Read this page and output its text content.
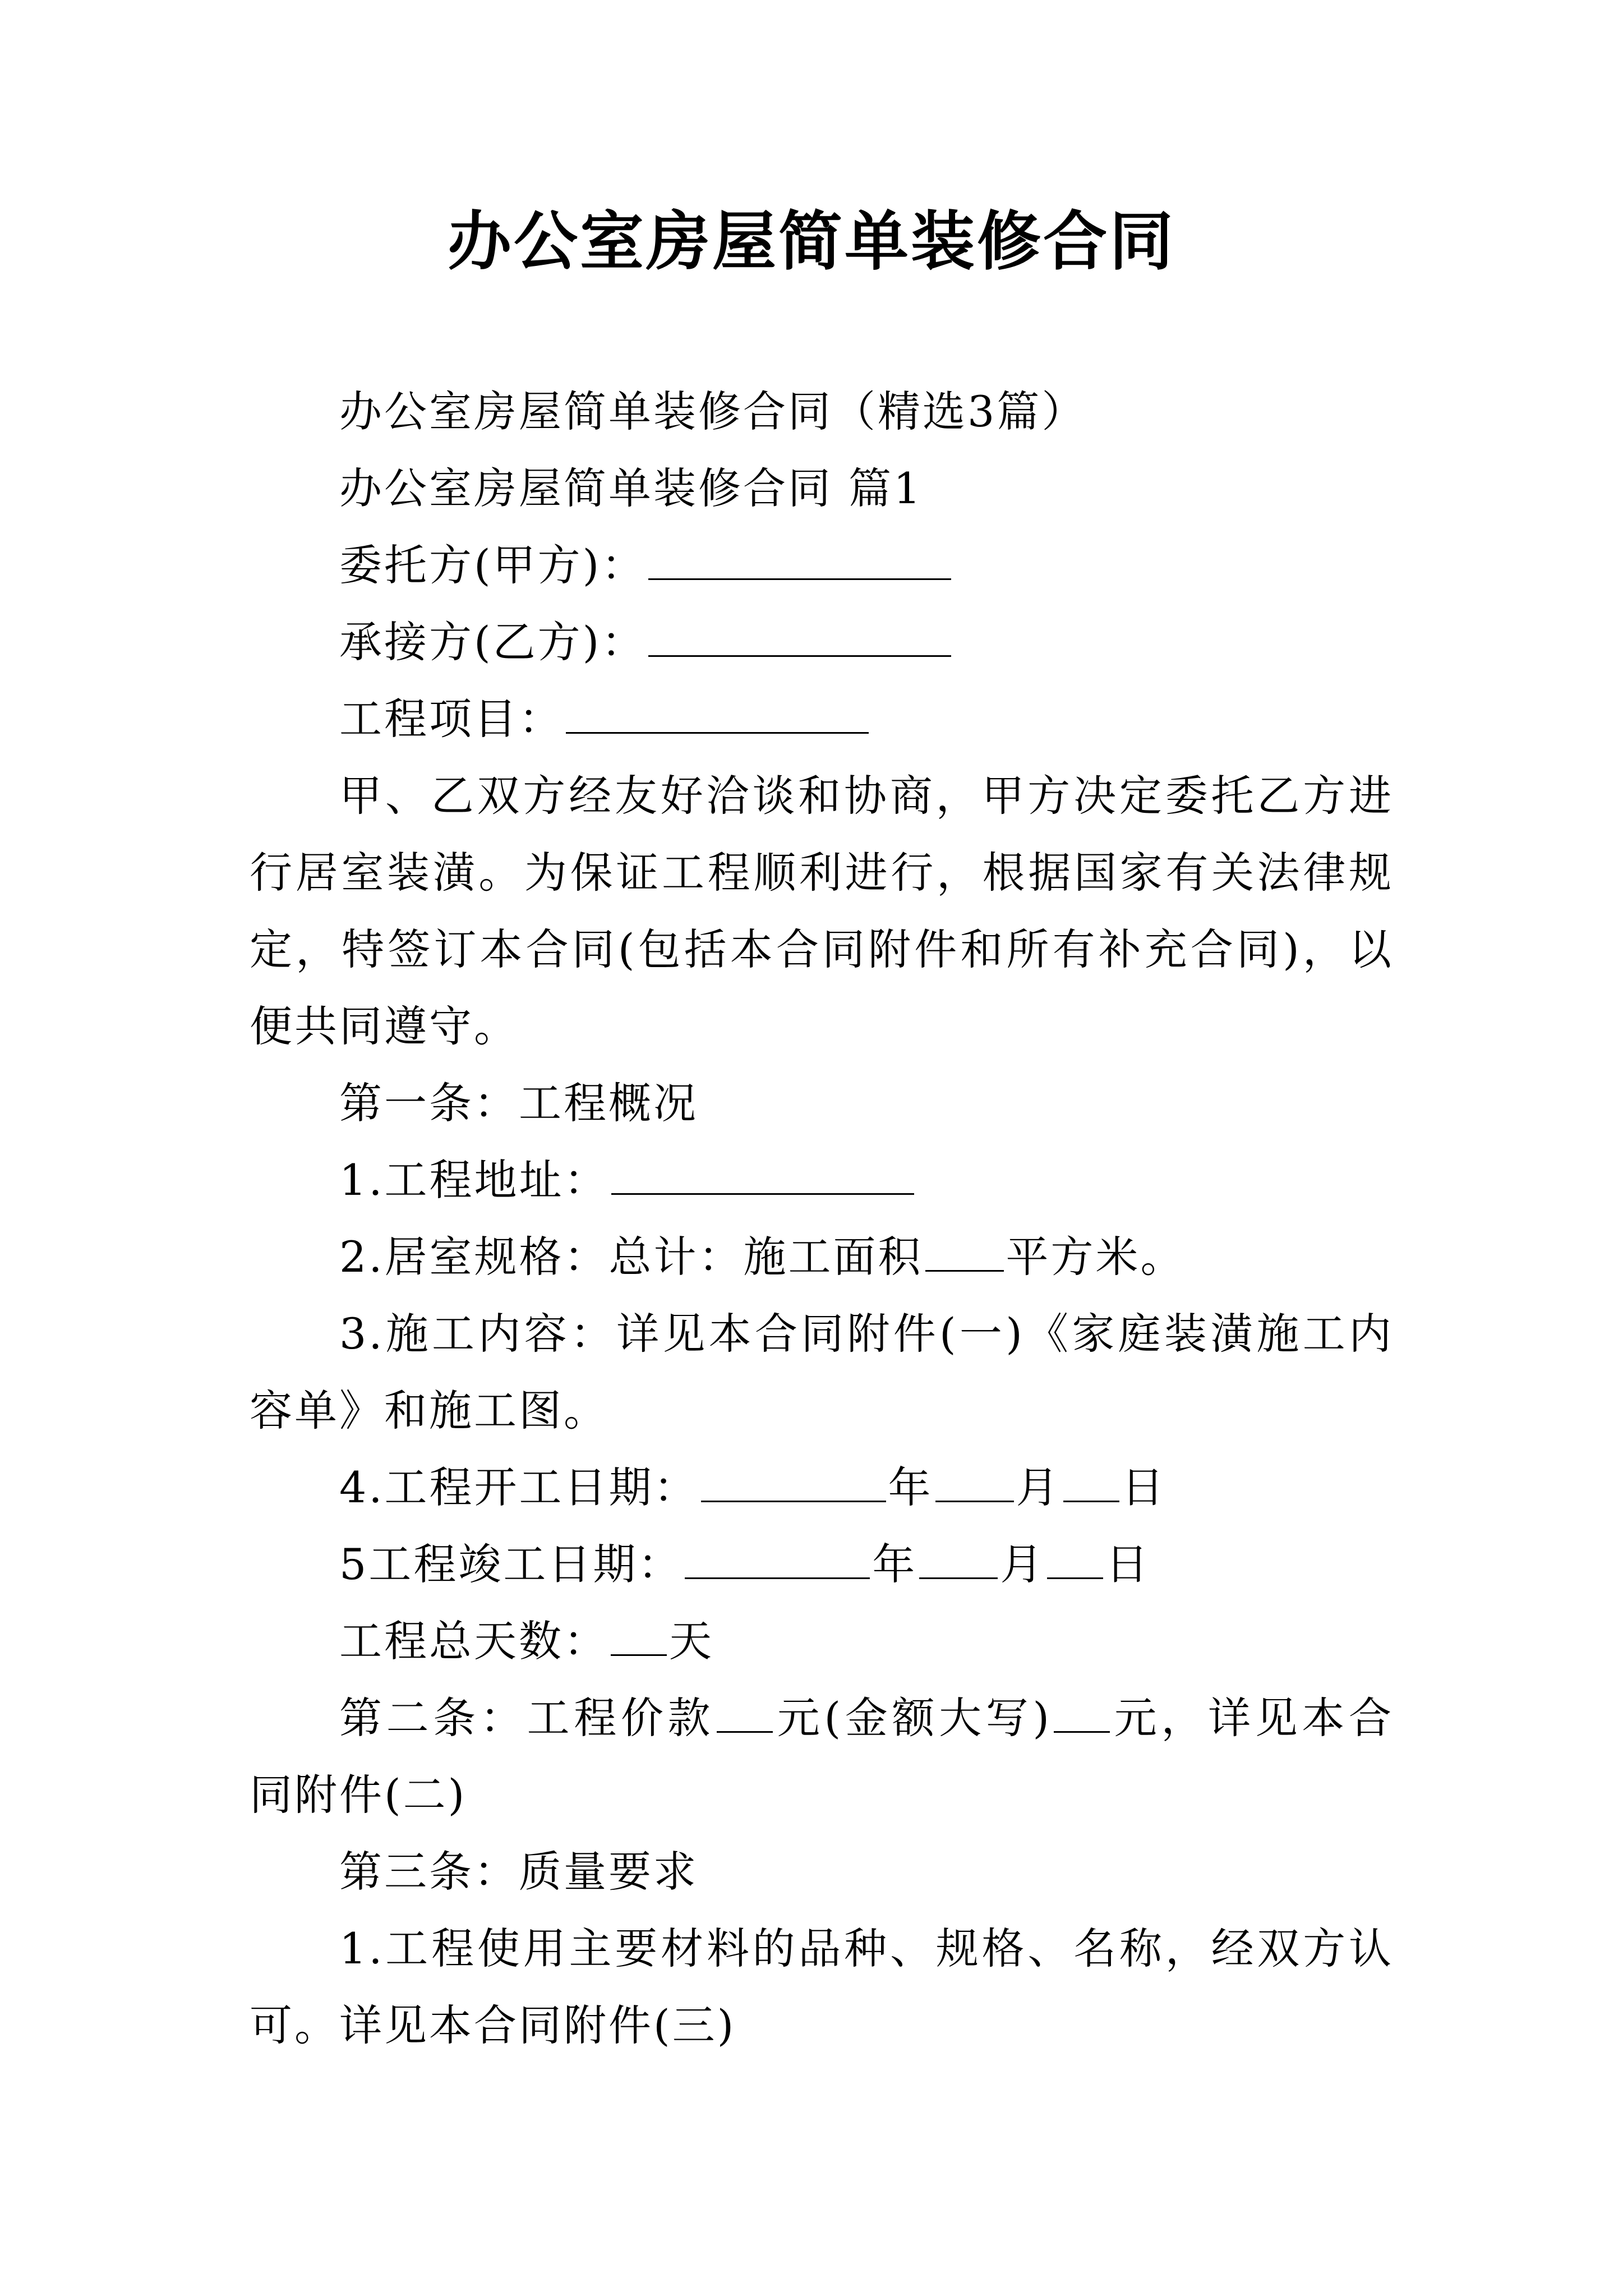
办公室房屋简单装修合同

办公室房屋简单装修合同（精选3篇）

办公室房屋简单装修合同 篇1

委托方(甲方)：

承接方(乙方)：

工程项目：

甲、乙双方经友好洽谈和协商，甲方决定委托乙方进行居室装潢。为保证工程顺利进行，根据国家有关法律规定，特签订本合同(包括本合同附件和所有补充合同)，以便共同遵守。

第一条：工程概况

1.工程地址：

2.居室规格：总计：施工面积 平方米。

3.施工内容：详见本合同附件(一)《家庭装潢施工内容单》和施工图。

4.工程开工日期：	年 月 日

5工程竣工日期：	年 月 日

工程总天数： 天

第二条：工程价款 元(金额大写) 元，详见本合同附件(二)

第三条：质量要求

1.工程使用主要材料的品种、规格、名称，经双方认可。详见本合同附件(三)
